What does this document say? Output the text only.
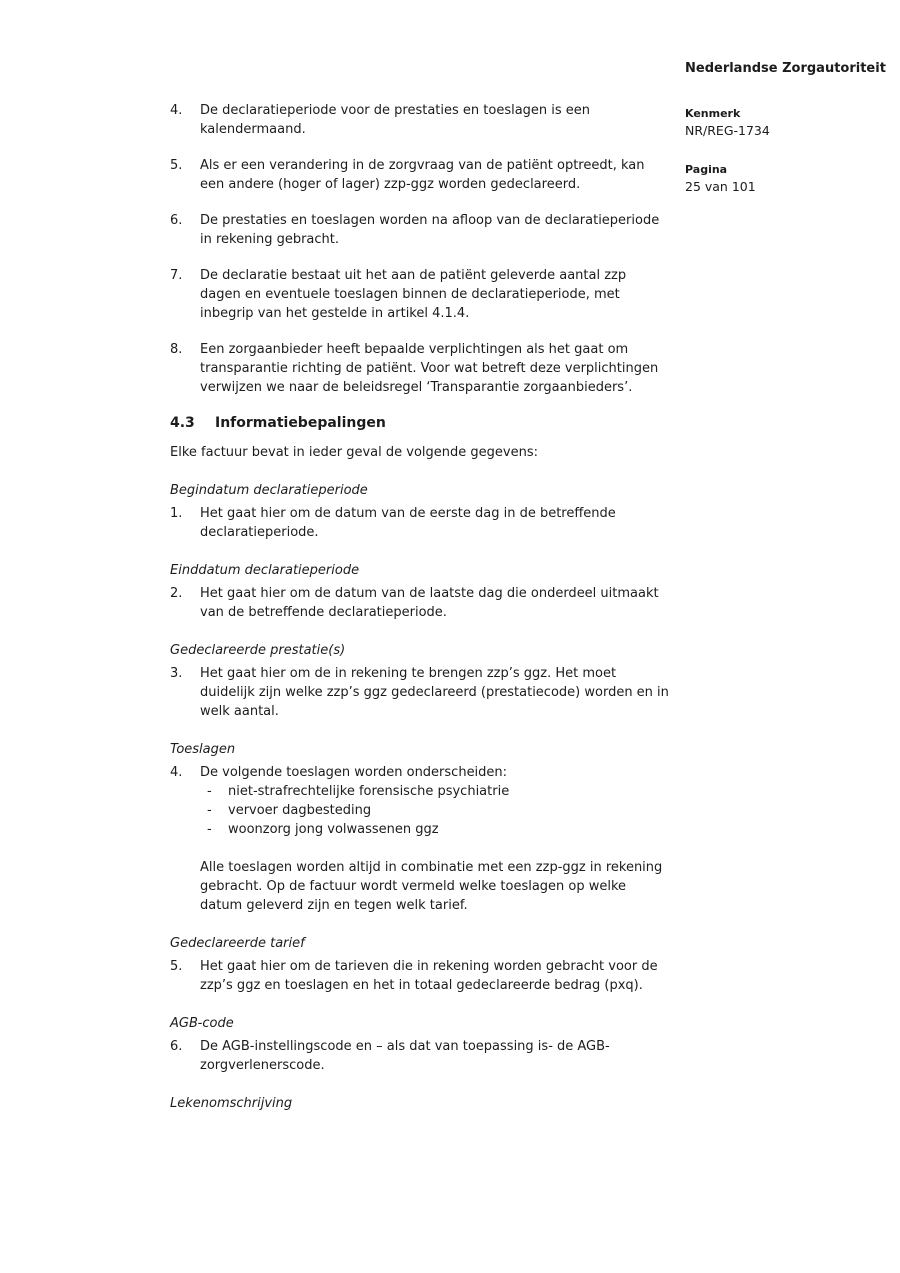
Nederlandse Zorgautoriteit
Kenmerk
NR/REG-1734
Pagina
25 van 101
4.	De declaratieperiode voor de prestaties en toeslagen is een kalendermaand.
5.	Als er een verandering in de zorgvraag van de patiënt optreedt, kan een andere (hoger of lager) zzp-ggz worden gedeclareerd.
6.	De prestaties en toeslagen worden na afloop van de declaratieperiode in rekening gebracht.
7.	De declaratie bestaat uit het aan de patiënt geleverde aantal zzp dagen en eventuele toeslagen binnen de declaratieperiode, met inbegrip van het gestelde in artikel 4.1.4.
8.	Een zorgaanbieder heeft bepaalde verplichtingen als het gaat om transparantie richting de patiënt. Voor wat betreft deze verplichtingen verwijzen we naar de beleidsregel ‘Transparantie zorgaanbieders’.
4.3	Informatiebepalingen
Elke factuur bevat in ieder geval de volgende gegevens:
Begindatum declaratieperiode
1.	Het gaat hier om de datum van de eerste dag in de betreffende declaratieperiode.
Einddatum declaratieperiode
2.	Het gaat hier om de datum van de laatste dag die onderdeel uitmaakt van de betreffende declaratieperiode.
Gedeclareerde prestatie(s)
3.	Het gaat hier om de in rekening te brengen zzp’s ggz. Het moet duidelijk zijn welke zzp’s ggz gedeclareerd (prestatiecode) worden en in welk aantal.
Toeslagen
4.	De volgende toeslagen worden onderscheiden:
-	niet-strafrechtelijke forensische psychiatrie
-	vervoer dagbesteding
-	woonzorg jong volwassenen ggz
Alle toeslagen worden altijd in combinatie met een zzp-ggz in rekening gebracht. Op de factuur wordt vermeld welke toeslagen op welke datum geleverd zijn en tegen welk tarief.
Gedeclareerde tarief
5.	Het gaat hier om de tarieven die in rekening worden gebracht voor de zzp’s ggz en toeslagen en het in totaal gedeclareerde bedrag (pxq).
AGB-code
6.	De AGB-instellingscode en – als dat van toepassing is- de AGB-zorgverlenerscode.
Lekenomschrijving
